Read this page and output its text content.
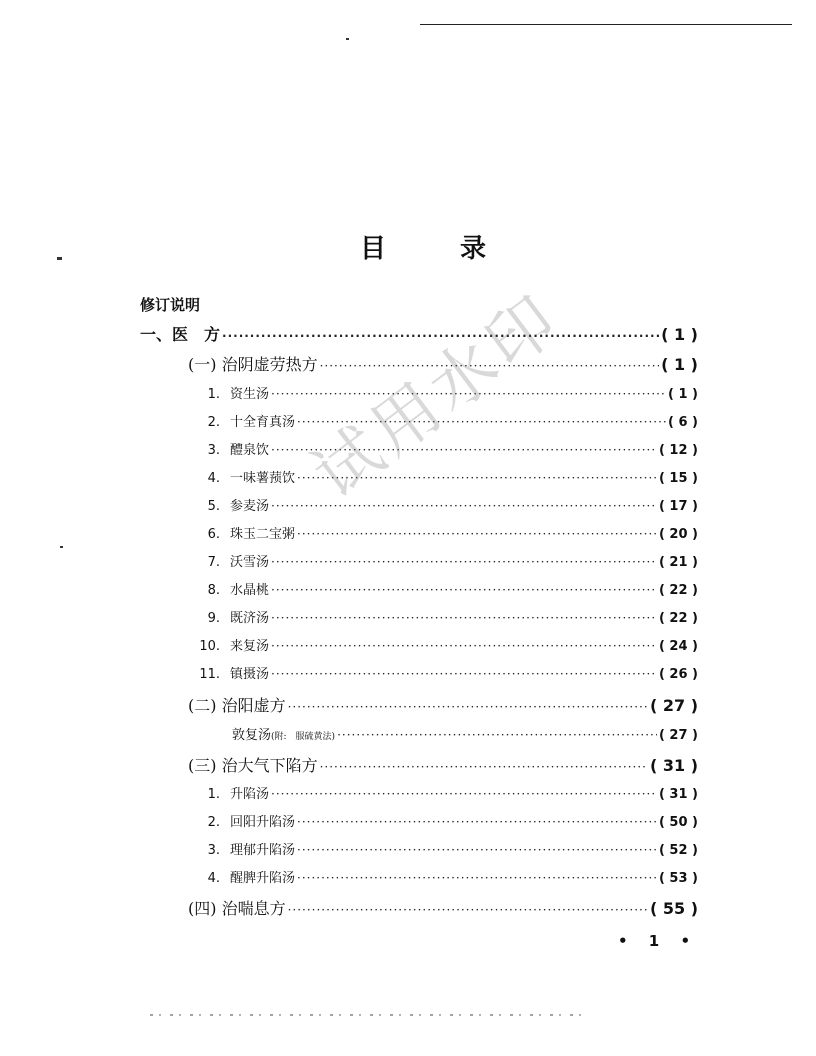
目	录
修订说明
一、医　方 ·····	( 1 )
(一) 治阴虚劳热方 ·····	( 1 )
1. 资生汤 ·····	( 1 )
2. 十全育真汤 ·····	( 6 )
3. 醴泉饮 ·····	( 12 )
4. 一味薯蓣饮 ·····	( 15 )
5. 参麦汤 ·····	( 17 )
6. 珠玉二宝粥 ·····	( 20 )
7. 沃雪汤 ·····	( 21 )
8. 水晶桃 ·····	( 22 )
9. 既济汤 ·····	( 22 )
10. 来复汤 ·····	( 24 )
11. 镇摄汤 ·····	( 26 )
(二) 治阳虚方 ·····	( 27 )
敦复汤(附:　服硫黄法) ·····	( 27 )
(三) 治大气下陷方 ·····	( 31 )
1. 升陷汤 ·····	( 31 )
2. 回阳升陷汤 ·····	( 50 )
3. 理郁升陷汤 ·····	( 52 )
4. 醒脾升陷汤 ·····	( 53 )
(四) 治喘息方 ·····	( 55 )
试用水印
• 1 •
